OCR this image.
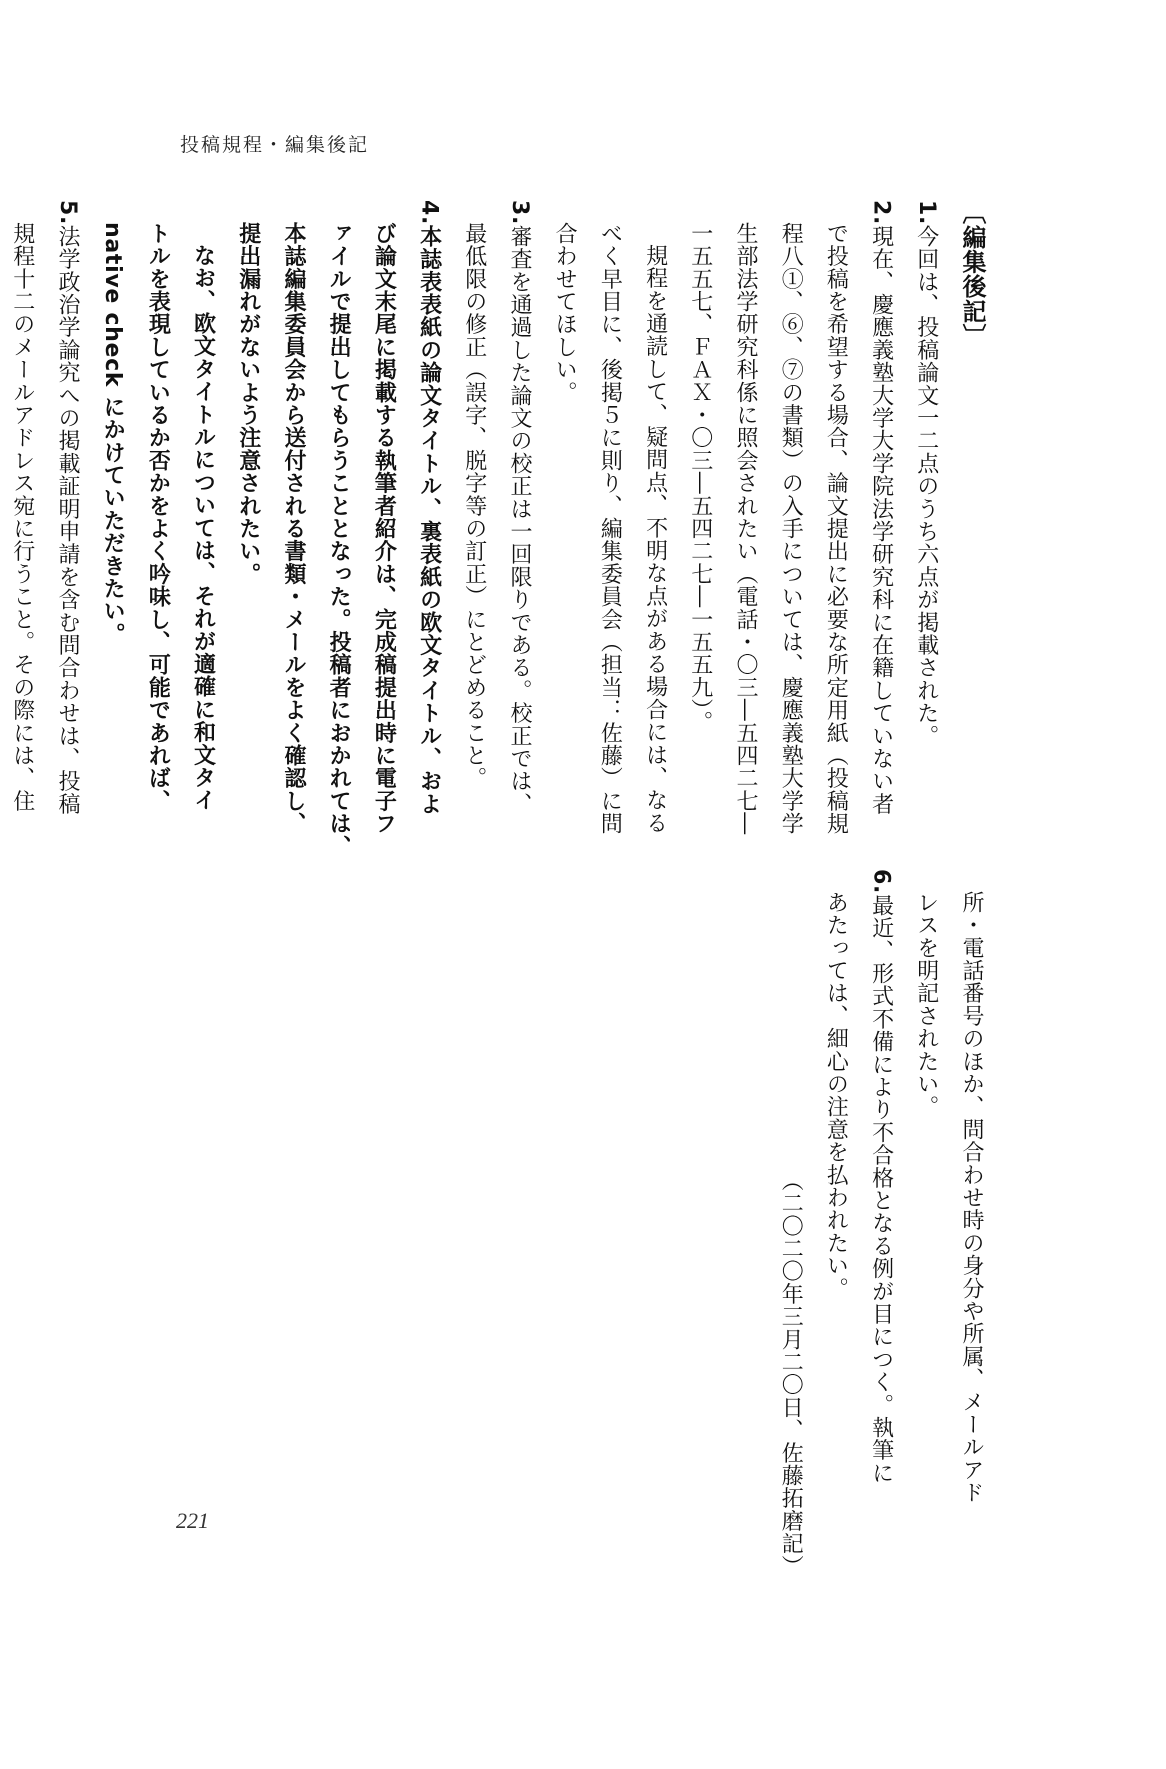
投稿規程・編集後記
〔編集後記〕
1.今回は、投稿論文一二点のうち六点が掲載された。
2.現在、慶應義塾大学大学院法学研究科に在籍していない者
で投稿を希望する場合、論文提出に必要な所定用紙（投稿規
程八①、⑥、⑦の書類）の入手については、慶應義塾大学学
生部法学研究科係に照会されたい（電話・〇三―五四二七―
一五五七、ＦＡＸ・〇三―五四二七―一五五九）。
規程を通読して、疑問点、不明な点がある場合には、なる
べく早目に、後掲５に則り、編集委員会（担当：佐藤）に問
合わせてほしい。
3.審査を通過した論文の校正は一回限りである。校正では、
最低限の修正（誤字、脱字等の訂正）にとどめること。
4.本誌表表紙の論文タイトル、裏表紙の欧文タイトル、およ
び論文末尾に掲載する執筆者紹介は、完成稿提出時に電子フ
ァイルで提出してもらうこととなった。投稿者におかれては、
本誌編集委員会から送付される書類・メールをよく確認し、
提出漏れがないよう注意されたい。
なお、欧文タイトルについては、それが適確に和文タイ
トルを表現しているか否かをよく吟味し、可能であれば、
native check にかけていただきたい。
5.法学政治学論究への掲載証明申請を含む問合わせは、投稿
規程十二のメールアドレス宛に行うこと。その際には、住
所・電話番号のほか、問合わせ時の身分や所属、メールアド
レスを明記されたい。
6.最近、形式不備により不合格となる例が目につく。執筆に
あたっては、細心の注意を払われたい。
（二〇二〇年三月二〇日、佐藤拓磨記）
221
